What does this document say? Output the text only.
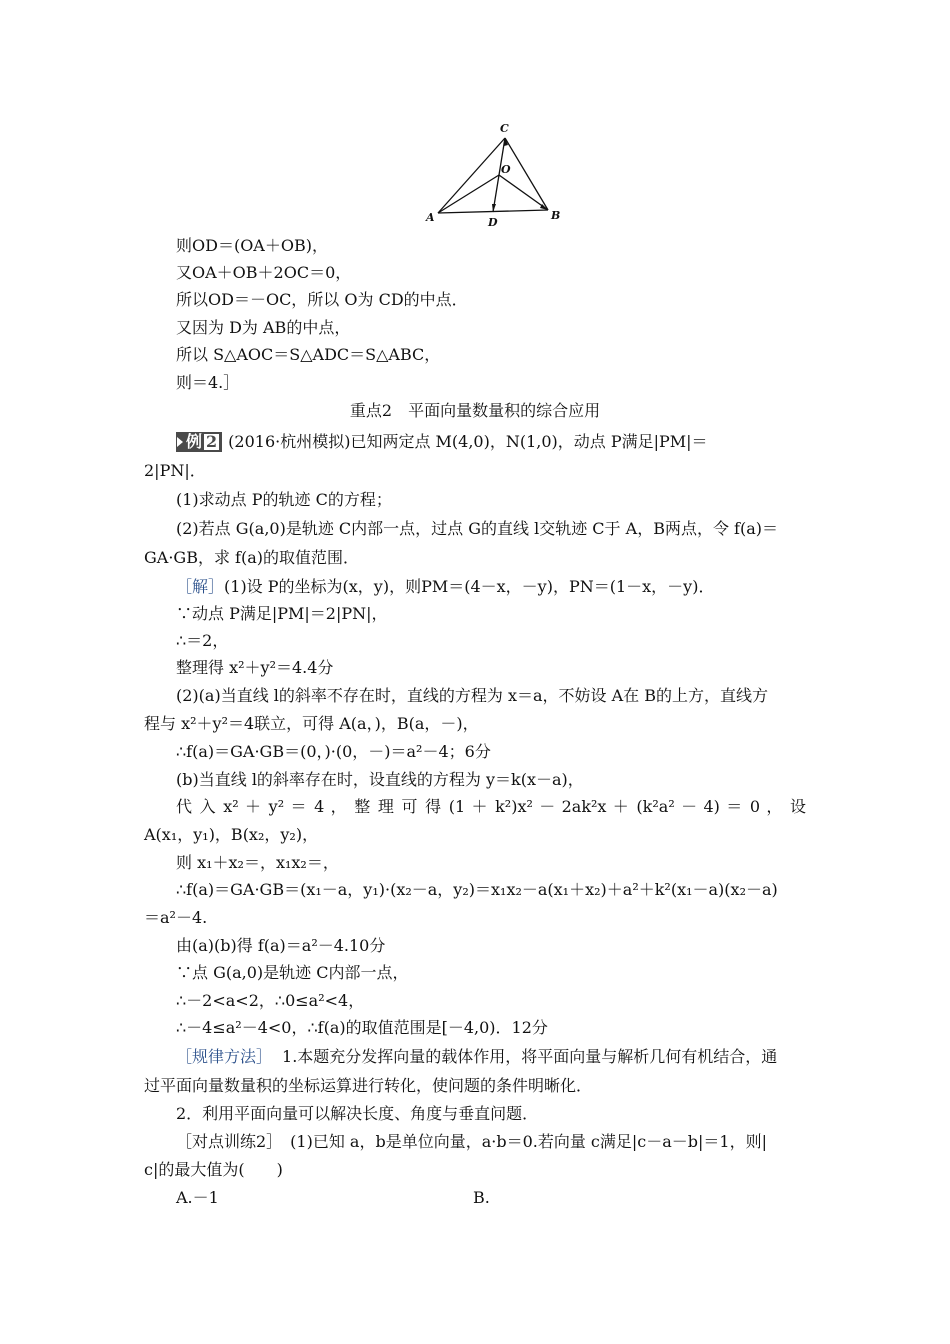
C
O
A	D
B
则OD＝(OA＋OB)，
又OA＋OB＋2OC＝0，
所以OD＝－OC，所以 O为 CD的中点．
又因为 D为 AB的中点，
所以 S△AOC＝S△ADC＝S△ABC，
则＝4.］
重点2　平面向量数量积的综合应用
例 2 (2016·杭州模拟)已知两定点 M(4,0)，N(1,0)，动点 P满足|PM|＝
2|PN|．
(1)求动点 P的轨迹 C的方程；
(2)若点 G(a,0)是轨迹 C内部一点，过点 G的直线 l交轨迹 C于 A，B两点，令 f(a)＝
GA·GB，求 f(a)的取值范围．
［解］(1)设 P的坐标为(x，y)，则PM＝(4－x，－y)，PN＝(1－x，－y)．
∵动点 P满足|PM|＝2|PN|，
∴＝2，
整理得 x²＋y²＝4.4分
(2)(a)当直线 l的斜率不存在时，直线的方程为 x＝a，不妨设 A在 B的上方，直线方
程与 x²＋y²＝4联立，可得 A(a，)，B(a，－)，
∴f(a)＝GA·GB＝(0，)·(0，－)＝a²－4；6分
(b)当直线 l的斜率存在时，设直线的方程为 y＝k(x－a)，
代 入 x² ＋ y² ＝ 4 ， 整 理 可 得 (1 ＋ k²)x² － 2ak²x ＋ (k²a² － 4) ＝ 0 ， 设
A(x₁，y₁)，B(x₂，y₂)，
则 x₁＋x₂＝，x₁x₂＝，
∴f(a)＝GA·GB＝(x₁－a，y₁)·(x₂－a，y₂)＝x₁x₂－a(x₁＋x₂)＋a²＋k²(x₁－a)(x₂－a)
＝a²－4.
由(a)(b)得 f(a)＝a²－4.10分
∵点 G(a,0)是轨迹 C内部一点，
∴－2<a<2，∴0≤a²<4，
∴－4≤a²－4<0，∴f(a)的取值范围是[－4,0)．12分
［规律方法］ 1.本题充分发挥向量的载体作用，将平面向量与解析几何有机结合，通
过平面向量数量积的坐标运算进行转化，使问题的条件明晰化．
2．利用平面向量可以解决长度、角度与垂直问题．
［对点训练2］　(1)已知 a，b是单位向量，a·b＝0.若向量 c满足|c－a－b|＝1，则|
c|的最大值为(　　)
A.－1	B.
